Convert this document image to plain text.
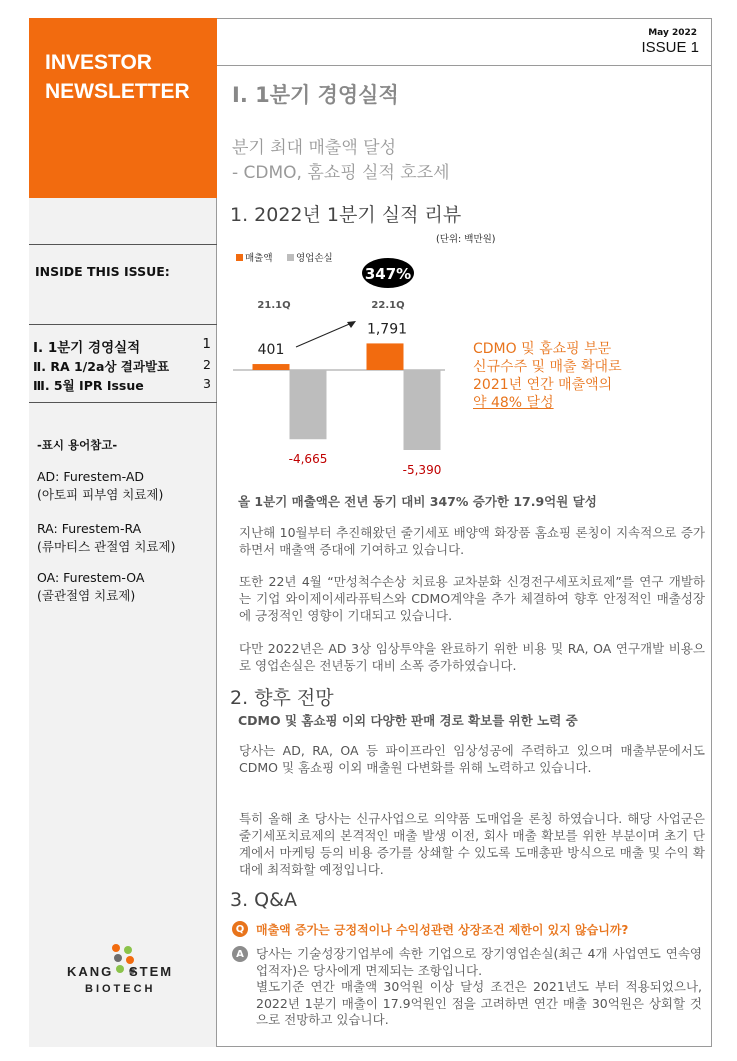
INVESTOR
NEWSLETTER
INSIDE THIS ISSUE:
Ⅰ. 1분기 경영실적	1
Ⅱ. RA 1/2a상 결과발표	2
Ⅲ. 5월 IPR Issue	3
-표시 용어참고-
AD: Furestem-AD
(아토피 피부염 치료제)
RA: Furestem-RA
(류마티스 관절염 치료제)
OA: Furestem-OA
(골관절염 치료제)
KANG STEM
BIOTECH
May 2022
ISSUE 1
Ⅰ. 1분기 경영실적
분기 최대 매출액 달성
- CDMO, 홈쇼핑 실적 호조세
1. 2022년 1분기 실적 리뷰
(단위: 백만원)
매출액 영업손실
347%
21.1Q	22.1Q
401
1,791
-4,665
-5,390
CDMO 및 홈쇼핑 부문
신규수주 및 매출 확대로
2021년 연간 매출액의
약 48% 달성
올 1분기 매출액은 전년 동기 대비 347% 증가한 17.9억원 달성
지난해 10월부터 추진해왔던 줄기세포 배양액 화장품 홈쇼핑 론칭이 지속적으로 증가하면서 매출액 증대에 기여하고 있습니다.
또한 22년 4월 “만성척수손상 치료용 교차분화 신경전구세포치료제”를 연구 개발하는 기업 와이제이세라퓨틱스와 CDMO계약을 추가 체결하여 향후 안정적인 매출성장에 긍정적인 영향이 기대되고 있습니다.
다만 2022년은 AD 3상 임상투약을 완료하기 위한 비용 및 RA, OA 연구개발 비용으로 영업손실은 전년동기 대비 소폭 증가하였습니다.
2. 향후 전망
CDMO 및 홈쇼핑 이외 다양한 판매 경로 확보를 위한 노력 중
당사는 AD, RA, OA 등 파이프라인 임상성공에 주력하고 있으며 매출부문에서도 CDMO 및 홈쇼핑 이외 매출원 다변화를 위해 노력하고 있습니다.
특히 올해 초 당사는 신규사업으로 의약품 도매업을 론칭 하였습니다. 해당 사업군은 줄기세포치료제의 본격적인 매출 발생 이전, 회사 매출 확보를 위한 부분이며 초기 단계에서 마케팅 등의 비용 증가를 상쇄할 수 있도록 도매총판 방식으로 매출 및 수익 확대에 최적화할 예정입니다.
3. Q&A
Q 매출액 증가는 긍정적이나 수익성관련 상장조건 제한이 있지 않습니까?
A 당사는 기술성장기업부에 속한 기업으로 장기영업손실(최근 4개 사업연도 연속영업적자)은 당사에게 면제되는 조항입니다.
별도기준 연간 매출액 30억원 이상 달성 조건은 2021년도 부터 적용되었으나, 2022년 1분기 매출이 17.9억원인 점을 고려하면 연간 매출 30억원은 상회할 것으로 전망하고 있습니다.
